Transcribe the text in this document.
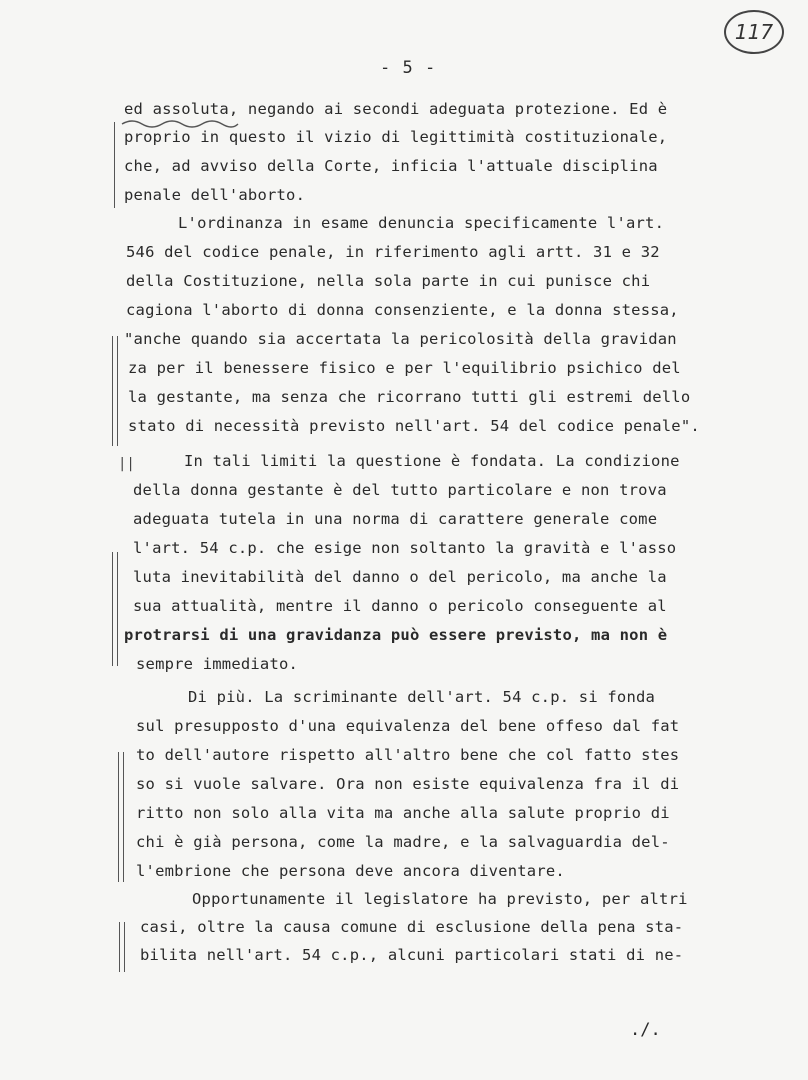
117
- 5 -
||
ed assoluta, negando ai secondi adeguata protezione. Ed è
proprio in questo il vizio di legittimità costituzionale,
che, ad avviso della Corte, inficia l'attuale disciplina
penale dell'aborto.
L'ordinanza in esame denuncia specificamente l'art.
546 del codice penale, in riferimento agli artt. 31 e 32
della Costituzione, nella sola parte in cui punisce chi
cagiona l'aborto di donna consenziente, e la donna stessa,
"anche quando sia accertata la pericolosità della gravidan
za per il benessere fisico e per l'equilibrio psichico del
la gestante, ma senza che ricorrano tutti gli estremi dello
stato di necessità previsto nell'art. 54 del codice penale".
In tali limiti la questione è fondata. La condizione
della donna gestante è del tutto particolare e non trova
adeguata tutela in una norma di carattere generale come
l'art. 54 c.p. che esige non soltanto la gravità e l'asso
luta inevitabilità del danno o del pericolo, ma anche la
sua attualità, mentre il danno o pericolo conseguente al
protrarsi di una gravidanza può essere previsto, ma non è
sempre immediato.
Di più. La scriminante dell'art. 54 c.p. si fonda
sul presupposto d'una equivalenza del bene offeso dal fat
to dell'autore rispetto all'altro bene che col fatto stes
so si vuole salvare. Ora non esiste equivalenza fra il di
ritto non solo alla vita ma anche alla salute proprio di
chi è già persona, come la madre, e la salvaguardia del-
l'embrione che persona deve ancora diventare.
Opportunamente il legislatore ha previsto, per altri
casi, oltre la causa comune di esclusione della pena sta-
bilita nell'art. 54 c.p., alcuni particolari stati di ne-
./.
